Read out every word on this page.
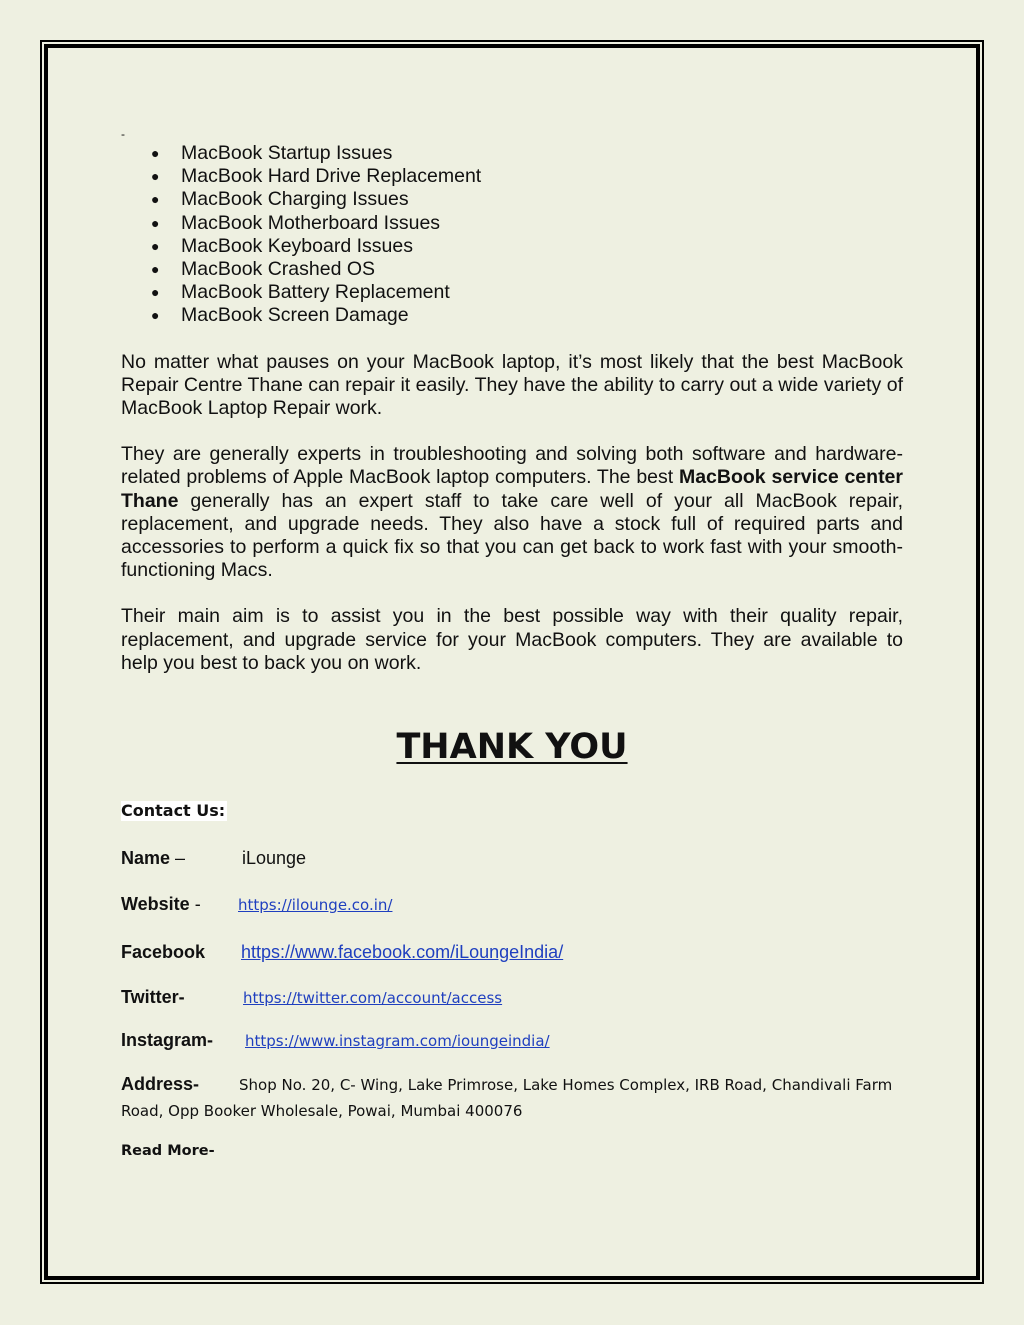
-
● MacBook Startup Issues
● MacBook Hard Drive Replacement
● MacBook Charging Issues
● MacBook Motherboard Issues
● MacBook Keyboard Issues
● MacBook Crashed OS
● MacBook Battery Replacement
● MacBook Screen Damage

No matter what pauses on your MacBook laptop, it’s most likely that the best MacBook Repair Centre Thane can repair it easily. They have the ability to carry out a wide variety of MacBook Laptop Repair work.

They are generally experts in troubleshooting and solving both software and hardware-related problems of Apple MacBook laptop computers. The best MacBook service center Thane generally has an expert staff to take care well of your all MacBook repair, replacement, and upgrade needs. They also have a stock full of required parts and accessories to perform a quick fix so that you can get back to work fast with your smooth-functioning Macs.

Their main aim is to assist you in the best possible way with their quality repair, replacement, and upgrade service for your MacBook computers. They are available to help you best to back you on work.

THANK YOU
Contact Us:
Name –	iLounge
Website - https://ilounge.co.in/
Facebook https://www.facebook.com/iLoungeIndia/
Twitter-	https://twitter.com/account/access
Instagram- https://www.instagram.com/ioungeindia/
Address-	Shop No. 20, C- Wing, Lake Primrose, Lake Homes Complex, IRB Road, Chandivali Farm Road, Opp Booker Wholesale, Powai, Mumbai 400076
Read More-
